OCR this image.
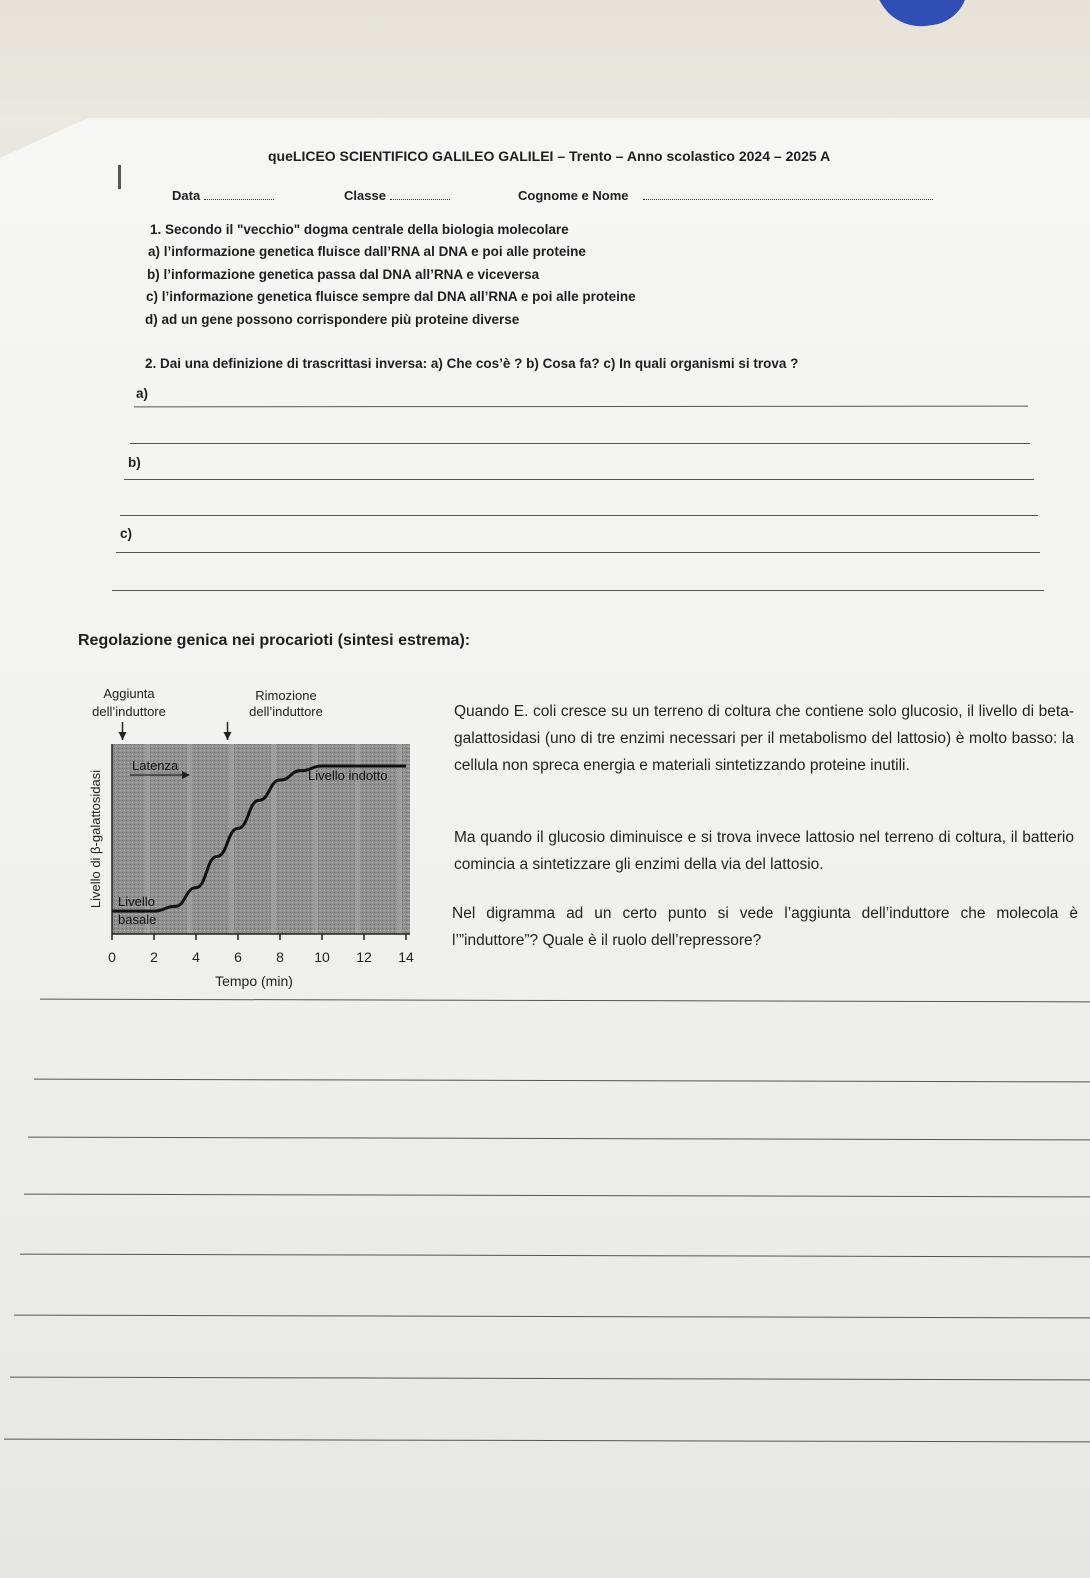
queLICEO SCIENTIFICO GALILEO GALILEI – Trento – Anno scolastico 2024 – 2025 A
Data	Classe	Cognome e Nome
1. Secondo il "vecchio" dogma centrale della biologia molecolare
a) l’informazione genetica fluisce dall’RNA al DNA e poi alle proteine
b) l’informazione genetica passa dal DNA all’RNA e viceversa
c) l’informazione genetica fluisce sempre dal DNA all’RNA e poi alle proteine
d) ad un gene possono corrispondere più proteine diverse
2. Dai una definizione di trascrittasi inversa: a) Che cos’è ? b) Cosa fa? c) In quali organismi si trova ?
a)
b)
c)
Regolazione genica nei procarioti (sintesi estrema):
Aggiunta
dell’induttore
Rimozione
dell’induttore
Latenza
Livello indotto
Livello
basale
0 2 4 6 8 10 12 14
Tempo (min)
Livello di β-galattosidasi

Quando E. coli cresce su un terreno di coltura che contiene solo glucosio, il livello di beta-galattosidasi (uno di tre enzimi necessari per il metabolismo del lattosio) è molto basso: la cellula non spreca energia e materiali sintetizzando proteine inutili.

Ma quando il glucosio diminuisce e si trova invece lattosio nel terreno di coltura, il batterio comincia a sintetizzare gli enzimi della via del lattosio.

Nel digramma ad un certo punto si vede l’aggiunta dell’induttore che molecola è l’”induttore”? Quale è il ruolo dell’repressore?
